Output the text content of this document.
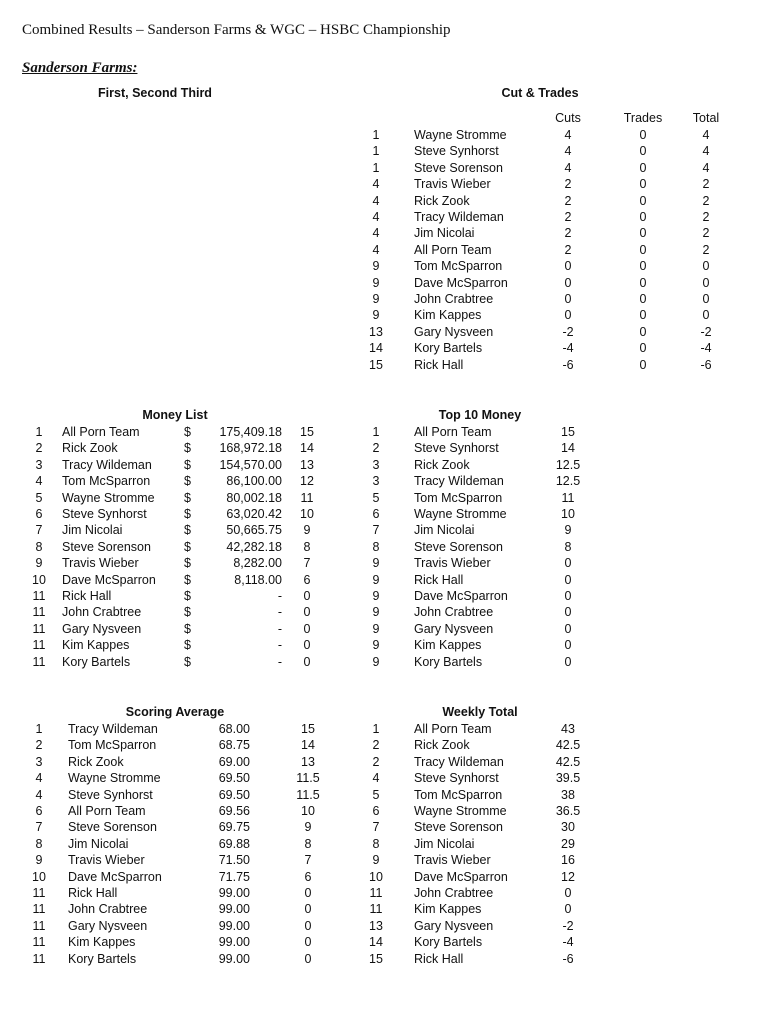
Combined Results – Sanderson Farms & WGC – HSBC Championship
Sanderson Farms:
First, Second Third	Cut & Trades
Cuts	Trades	Total
1	Wayne Stromme	4	0	4
1	Steve Synhorst	4	0	4
1	Steve Sorenson	4	0	4
4	Travis Wieber	2	0	2
4	Rick Zook	2	0	2
4	Tracy Wildeman	2	0	2
4	Jim Nicolai	2	0	2
4	All Porn Team	2	0	2
9	Tom McSparron	0	0	0
9	Dave McSparron	0	0	0
9	John Crabtree	0	0	0
9	Kim Kappes	0	0	0
13	Gary Nysveen	-2	0	-2
14	Kory Bartels	-4	0	-4
15	Rick Hall	-6	0	-6
Money List
1	All Porn Team	$	175,409.18	15
2	Rick Zook	$	168,972.18	14
3	Tracy Wildeman	$	154,570.00	13
4	Tom McSparron	$	86,100.00	12
5	Wayne Stromme $	80,002.18	11
6	Steve Synhorst	$	63,020.42	10
7	Jim Nicolai	$	50,665.75	9
8	Steve Sorenson	$	42,282.18	8
9	Travis Wieber	$	8,282.00	7
10	Dave McSparron $	8,118.00	6
11	Rick Hall	$	-	0
11	John Crabtree	$	-	0
11	Gary Nysveen	$	-	0
11	Kim Kappes	$	-	0
11	Kory Bartels	$	-	0
Top 10 Money
1	All Porn Team	15
2	Steve Synhorst	14
3	Rick Zook	12.5
3	Tracy Wildeman	12.5
5	Tom McSparron	11
6	Wayne Stromme	10
7	Jim Nicolai	9
8	Steve Sorenson	8
9	Travis Wieber	0
9	Rick Hall	0
9	Dave McSparron	0
9	John Crabtree	0
9	Gary Nysveen	0
9	Kim Kappes	0
9	Kory Bartels	0
Scoring Average
1	Tracy Wildeman	68.00	15
2	Tom McSparron	68.75	14
3	Rick Zook	69.00	13
4	Wayne Stromme	69.50	11.5
4	Steve Synhorst	69.50	11.5
6	All Porn Team	69.56	10
7	Steve Sorenson	69.75	9
8	Jim Nicolai	69.88	8
9	Travis Wieber	71.50	7
10	Dave McSparron	71.75	6
11	Rick Hall	99.00	0
11	John Crabtree	99.00	0
11	Gary Nysveen	99.00	0
11	Kim Kappes	99.00	0
11	Kory Bartels	99.00	0
Weekly Total
1	All Porn Team	43
2	Rick Zook	42.5
2	Tracy Wildeman	42.5
4	Steve Synhorst	39.5
5	Tom McSparron	38
6	Wayne Stromme	36.5
7	Steve Sorenson	30
8	Jim Nicolai	29
9	Travis Wieber	16
10	Dave McSparron	12
11	John Crabtree	0
11	Kim Kappes	0
13	Gary Nysveen	-2
14	Kory Bartels	-4
15	Rick Hall	-6
